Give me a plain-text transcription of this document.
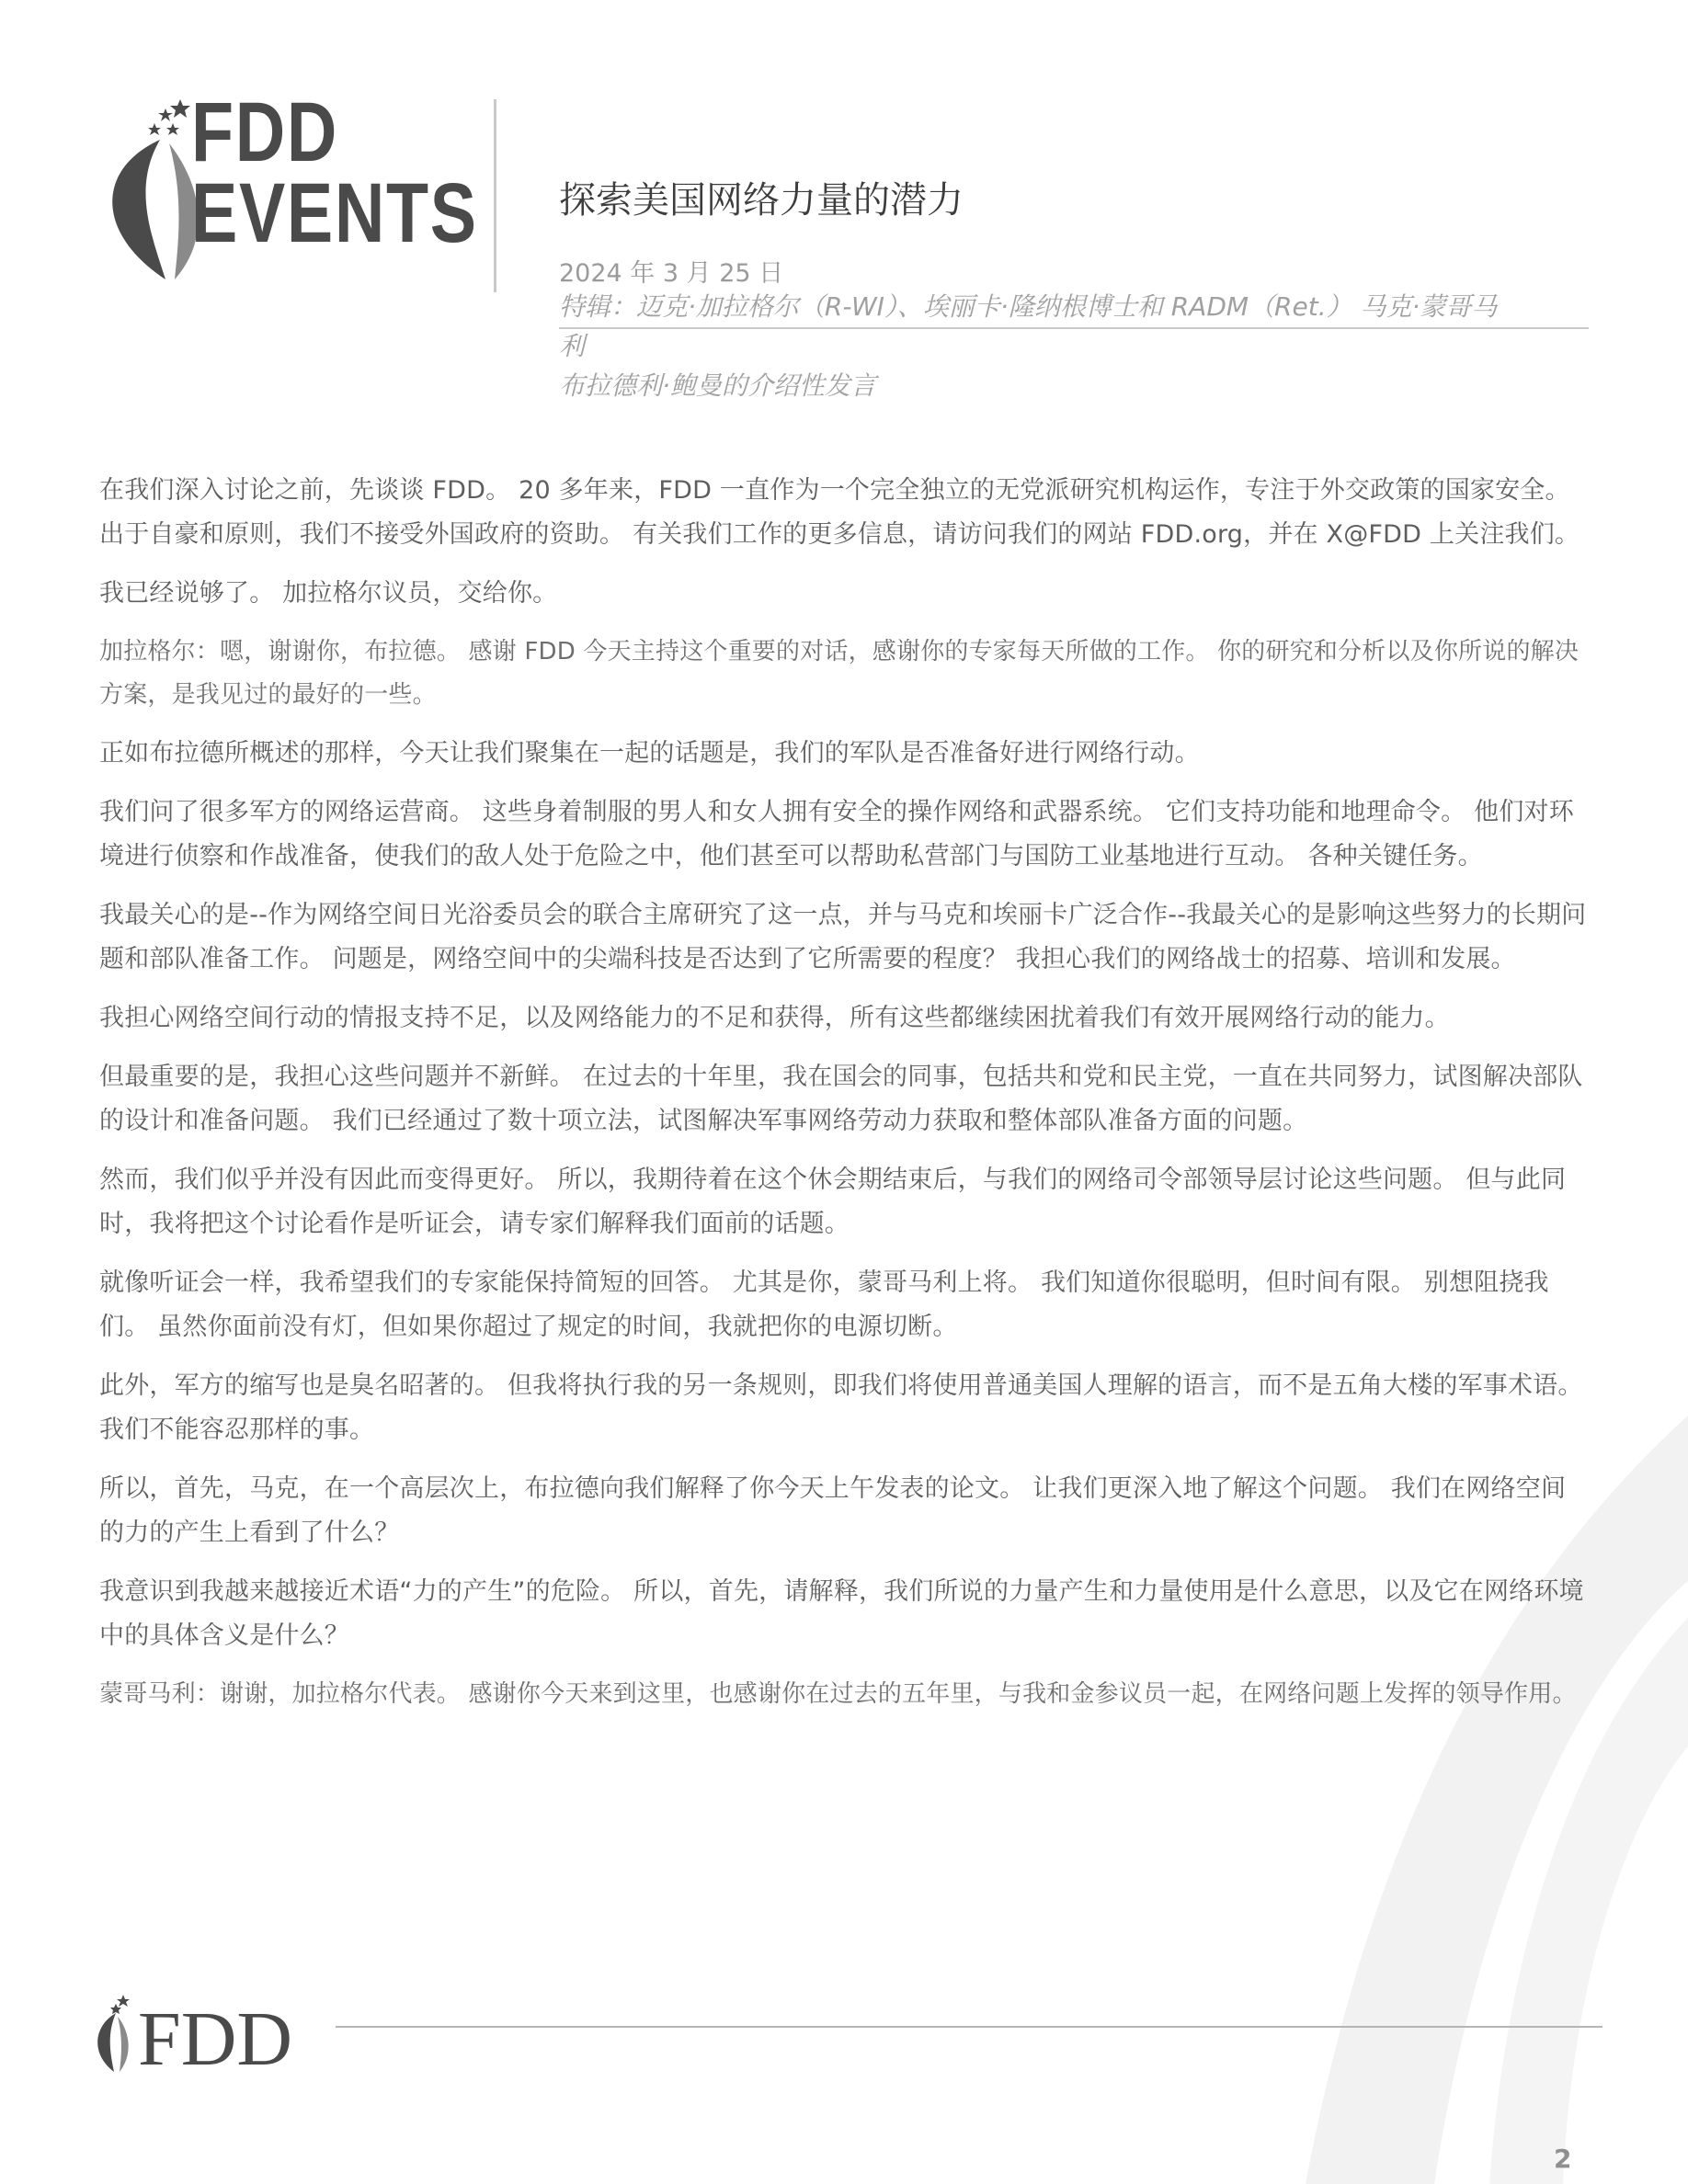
FDD
EVENTS 探索美国网络力量的潜力
2024 年 3 月 25 日
特辑：迈克·加拉格尔（R-WI）、埃丽卡·隆纳根博士和 RADM（Ret.） 马克·蒙哥马
利
布拉德利·鲍曼的介绍性发言

在我们深入讨论之前，先谈谈 FDD。 20 多年来，FDD 一直作为一个完全独立的无党派研究机构运作，专注于外交政策的国家安全。 出于自豪和原则，我们不接受外国政府的资助。 有关我们工作的更多信息，请访问我们的网站 FDD.org，并在 X@FDD 上关注我们。

我已经说够了。 加拉格尔议员，交给你。

加拉格尔：嗯，谢谢你，布拉德。 感谢 FDD 今天主持这个重要的对话，感谢你的专家每天所做的工作。 你的研究和分析以及你所说的解决方案，是我见过的最好的一些。

正如布拉德所概述的那样，今天让我们聚集在一起的话题是，我们的军队是否准备好进行网络行动。

我们问了很多军方的网络运营商。 这些身着制服的男人和女人拥有安全的操作网络和武器系统。 它们支持功能和地理命令。 他们对环境进行侦察和作战准备，使我们的敌人处于危险之中，他们甚至可以帮助私营部门与国防工业基地进行互动。 各种关键任务。

我最关心的是--作为网络空间日光浴委员会的联合主席研究了这一点，并与马克和埃丽卡广泛合作--我最关心的是影响这些努力的长期问题和部队准备工作。 问题是，网络空间中的尖端科技是否达到了它所需要的程度？ 我担心我们的网络战士的招募、培训和发展。

我担心网络空间行动的情报支持不足，以及网络能力的不足和获得，所有这些都继续困扰着我们有效开展网络行动的能力。

但最重要的是，我担心这些问题并不新鲜。 在过去的十年里，我在国会的同事，包括共和党和民主党，一直在共同努力，试图解决部队的设计和准备问题。 我们已经通过了数十项立法，试图解决军事网络劳动力获取和整体部队准备方面的问题。

然而，我们似乎并没有因此而变得更好。 所以，我期待着在这个休会期结束后，与我们的网络司令部领导层讨论这些问题。 但与此同时，我将把这个讨论看作是听证会，请专家们解释我们面前的话题。

就像听证会一样，我希望我们的专家能保持简短的回答。 尤其是你，蒙哥马利上将。 我们知道你很聪明，但时间有限。 别想阻挠我们。 虽然你面前没有灯，但如果你超过了规定的时间，我就把你的电源切断。

此外，军方的缩写也是臭名昭著的。 但我将执行我的另一条规则，即我们将使用普通美国人理解的语言，而不是五角大楼的军事术语。 我们不能容忍那样的事。

所以，首先，马克，在一个高层次上，布拉德向我们解释了你今天上午发表的论文。 让我们更深入地了解这个问题。 我们在网络空间的力的产生上看到了什么？

我意识到我越来越接近术语“力的产生”的危险。 所以，首先，请解释，我们所说的力量产生和力量使用是什么意思，以及它在网络环境中的具体含义是什么？

蒙哥马利：谢谢，加拉格尔代表。 感谢你今天来到这里，也感谢你在过去的五年里，与我和金参议员一起，在网络问题上发挥的领导作用。

FDD
2
